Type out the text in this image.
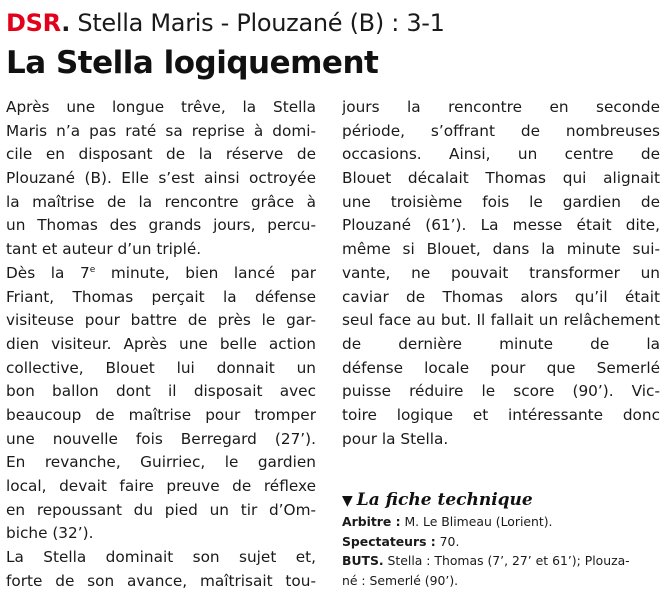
DSR. Stella Maris - Plouzané (B) : 3-1
La Stella logiquement
Après une longue trêve, la Stella
Maris n’a pas raté sa reprise à domi-
cile en disposant de la réserve de
Plouzané (B). Elle s’est ainsi octroyée
la maîtrise de la rencontre grâce à
un Thomas des grands jours, percu-
tant et auteur d’un triplé.
Dès la 7e minute, bien lancé par
Friant, Thomas perçait la défense
visiteuse pour battre de près le gar-
dien visiteur. Après une belle action
collective, Blouet lui donnait un
bon ballon dont il disposait avec
beaucoup de maîtrise pour tromper
une nouvelle fois Berregard (27’).
En revanche, Guirriec, le gardien
local, devait faire preuve de réflexe
en repoussant du pied un tir d’Om-
biche (32’).
La Stella dominait son sujet et,
forte de son avance, maîtrisait tou-
jours la rencontre en seconde
période, s’offrant de nombreuses
occasions. Ainsi, un centre de
Blouet décalait Thomas qui alignait
une troisième fois le gardien de
Plouzané (61’). La messe était dite,
même si Blouet, dans la minute sui-
vante, ne pouvait transformer un
caviar de Thomas alors qu’il était
seul face au but. Il fallait un relâchement
de dernière minute de la
défense locale pour que Semerlé
puisse réduire le score (90’). Vic-
toire logique et intéressante donc
pour la Stella.
▼ La fiche technique
Arbitre : M. Le Blimeau (Lorient).
Spectateurs : 70.
BUTS. Stella : Thomas (7’, 27’ et 61’); Plouza-
né : Semerlé (90’).
